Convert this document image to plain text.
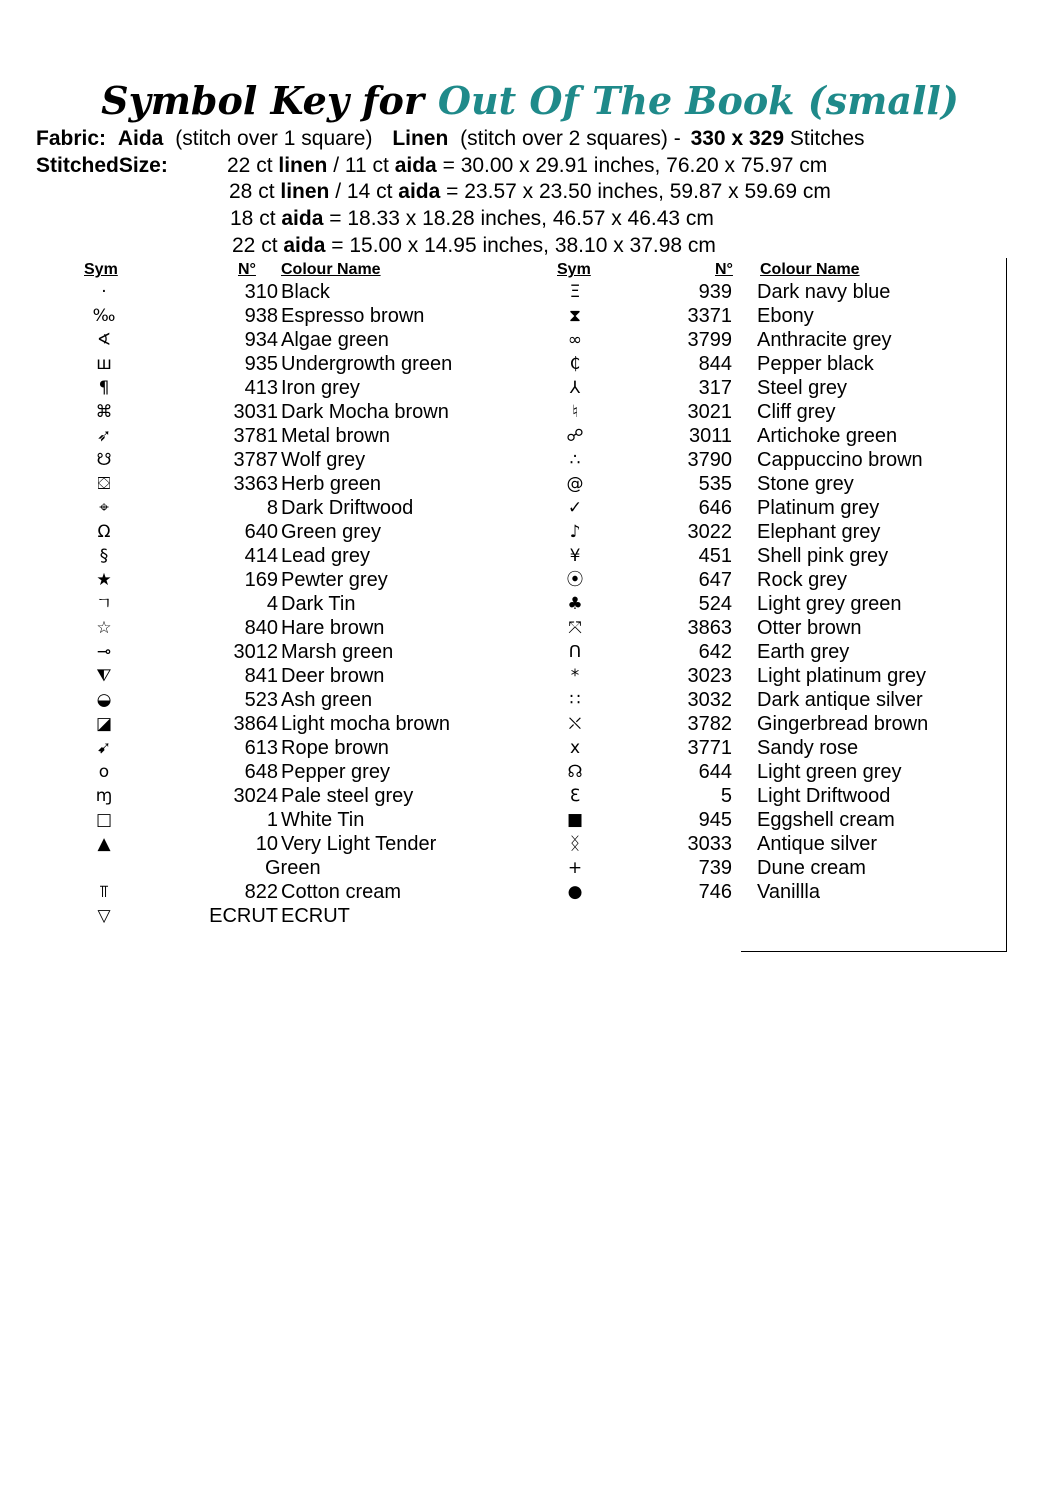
Symbol Key for Out Of The Book (small)
Fabric: Aida (stitch over 1 square) Linen (stitch over 2 squares) - 330 x 329 Stitches
StitchedSize:	22 ct linen / 11 ct aida = 30.00 x 29.91 inches, 76.20 x 75.97 cm
28 ct linen / 14 ct aida = 23.57 x 23.50 inches, 59.87 x 59.69 cm
18 ct aida = 18.33 x 18.28 inches, 46.57 x 46.43 cm
22 ct aida = 15.00 x 14.95 inches, 38.10 x 37.98 cm
Sym	N° Colour Name	Sym	N° Colour Name
·	310 Black
‰	938 Espresso brown
∢	934 Algae green
ш	935 Undergrowth green
¶	413 Iron grey
⌘	3031 Dark Mocha brown
➶	3781 Metal brown
☋	3787 Wolf grey
⛋	3363 Herb green
⌖	8 Dark Driftwood
Ω	640 Green grey
§	414 Lead grey
★	169 Pewter grey
ㄱ	4 Dark Tin
☆	840 Hare brown
⊸	3012 Marsh green
⧨	841 Deer brown
◒	523 Ash green
◪	3864 Light mocha brown
➹	613 Rope brown
o	648 Pepper grey
ɱ	3024 Pale steel grey
□	1 White Tin
▲	10 Very Light Tender
Green
⫪	822 Cotton cream
▽	ECRUT ECRUT
Ξ	939 Dark navy blue
⧗	3371 Ebony
∞	3799 Anthracite grey
₵	844 Pepper black
⅄	317 Steel grey
♮	3021 Cliff grey
☍	3011 Artichoke green
∴	3790 Cappuccino brown
@	535 Stone grey
✓	646 Platinum grey
♪	3022 Elephant grey
¥	451 Shell pink grey
⦿	647 Rock grey
♣	524 Light grey green
⤧	3863 Otter brown
ᑎ	642 Earth grey
*	3023 Light platinum grey
∷	3032 Dark antique silver
⛌	3782 Gingerbread brown
x	3771 Sandy rose
☊	644 Light green grey
ℇ	5 Light Driftwood
■	945 Eggshell cream
ᛝ	3033 Antique silver
+	739 Dune cream
●	746 Vanillla
